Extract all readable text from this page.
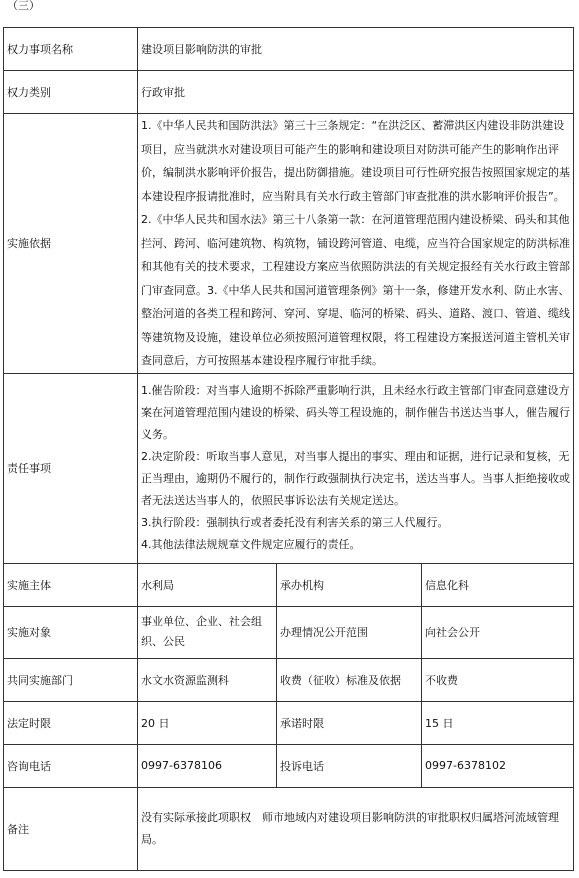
（三）
权力事项名称	建设项目影响防洪的审批		
权力类别	行政审批		
实施依据	1.《中华人民共和国防洪法》第三十三条规定：“在洪泛区、蓄滞洪区内建设非防洪建设项目，应当就洪水对建设项目可能产生的影响和建设项目对防洪可能产生的影响作出评价，编制洪水影响评价报告，提出防御措施。建设项目可行性研究报告按照国家规定的基本建设程序报请批准时，应当附具有关水行政主管部门审查批准的洪水影响评价报告”。2.《中华人民共和国水法》第三十八条第一款：在河道管理范围内建设桥梁、码头和其他拦河、跨河、临河建筑物、构筑物，铺设跨河管道、电缆，应当符合国家规定的防洪标准和其他有关的技术要求，工程建设方案应当依照防洪法的有关规定报经有关水行政主管部门审查同意。3.《中华人民共和国河道管理条例》第十一条，修建开发水利、防止水害、整治河道的各类工程和跨河、穿河、穿堤、临河的桥梁、码头、道路、渡口、管道、缆线等建筑物及设施，建设单位必须按照河道管理权限，将工程建设方案报送河道主管机关审查同意后，方可按照基本建设程序履行审批手续。		
责任事项	1.催告阶段：对当事人逾期不拆除严重影响行洪，且未经水行政主管部门审查同意建设方案在河道管理范围内建设的桥梁、码头等工程设施的，制作催告书送达当事人，催告履行义务。
2.决定阶段：听取当事人意见，对当事人提出的事实、理由和证据，进行记录和复核，无正当理由，逾期仍不履行的，制作行政强制执行决定书，送达当事人。当事人拒绝接收或者无法送达当事人的，依照民事诉讼法有关规定送达。
3.执行阶段：强制执行或者委托没有利害关系的第三人代履行。
4.其他法律法规规章文件规定应履行的责任。		

实施主体	水利局	承办机构	信息化科
实施对象	事业单位、企业、社会组织、公民	办理情况公开范围	向社会公开
共同实施部门	水文水资源监测科	收费（征收）标准及依据	不收费
法定时限	20 日	承诺时限	15 日
咨询电话	0997-6378106	投诉电话	0997-6378102
备注	没有实际承接此项职权　师市地域内对建设项目影响防洪的审批职权归属塔河流域管理局。		
